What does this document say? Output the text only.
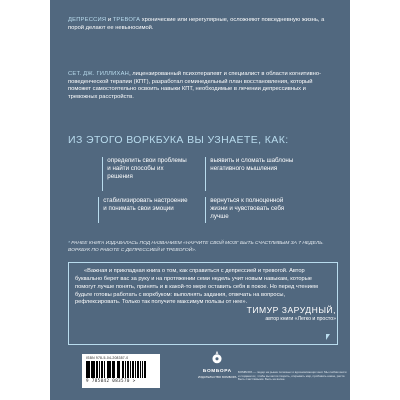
ДЕПРЕССИЯ и ТРЕВОГА хронические или нерегулярные, осложняют повседневную жизнь, а порой делают ее невыносимой.

СЕТ. ДЖ. ГИЛЛИХАН, лицензированный психотерапевт и специалист в области когнитивно-поведенческой терапии (КПТ), разработал семинедельный план восстановления, который поможет самостоятельно освоить навыки КПТ, необходимые в лечении депрессивных и тревожных расстройств.

ИЗ ЭТОГО ВОРКБУКА ВЫ УЗНАЕТЕ, КАК:
определить свои проблемы и найти способы их решения
выявить и сломать шаблоны негативного мышления
стабилизировать настроение и понимать свои эмоции
вернуться к полноценной жизни и чувствовать себя лучше

* РАНЕЕ КНИГА ИЗДАВАЛАСЬ ПОД НАЗВАНИЕМ «НАУЧИТЕ СВОЙ МОЗГ БЫТЬ СЧАСТЛИВЫМ ЗА 7 НЕДЕЛЬ. ВОРКБУК ПО РАБОТЕ С ДЕПРЕССИЕЙ И ТРЕВОГОЙ».

«Важная и прикладная книга о том, как справиться с депрессией и тревогой. Автор буквально берет вас за руку и на протяжении семи недель учит новым навыкам, которые помогут лучше понять, принять и в какой-то мере оставить себя в покое. Но перед чтением будьте готовы работать с воркбуком: выполнять задания, отвечать на вопросы, рефлексировать. Только так получите максимум пользы от нее».

ТИМУР ЗАРУДНЫЙ,
автор книги «Легко и просто»
ISBN 978-5-04-208357-0
9 785042 083570 >
БОМБОРА
ИЗДАТЕЛЬСТВО БОМБОРА

БОМБОРА — лидер на рынке полезных и вдохновляющих книг. Мы любим книги и создаем их, чтобы вы могли творить, открывать мир, пробовать новое, расти. Быть счастливыми. Быть на волне.
